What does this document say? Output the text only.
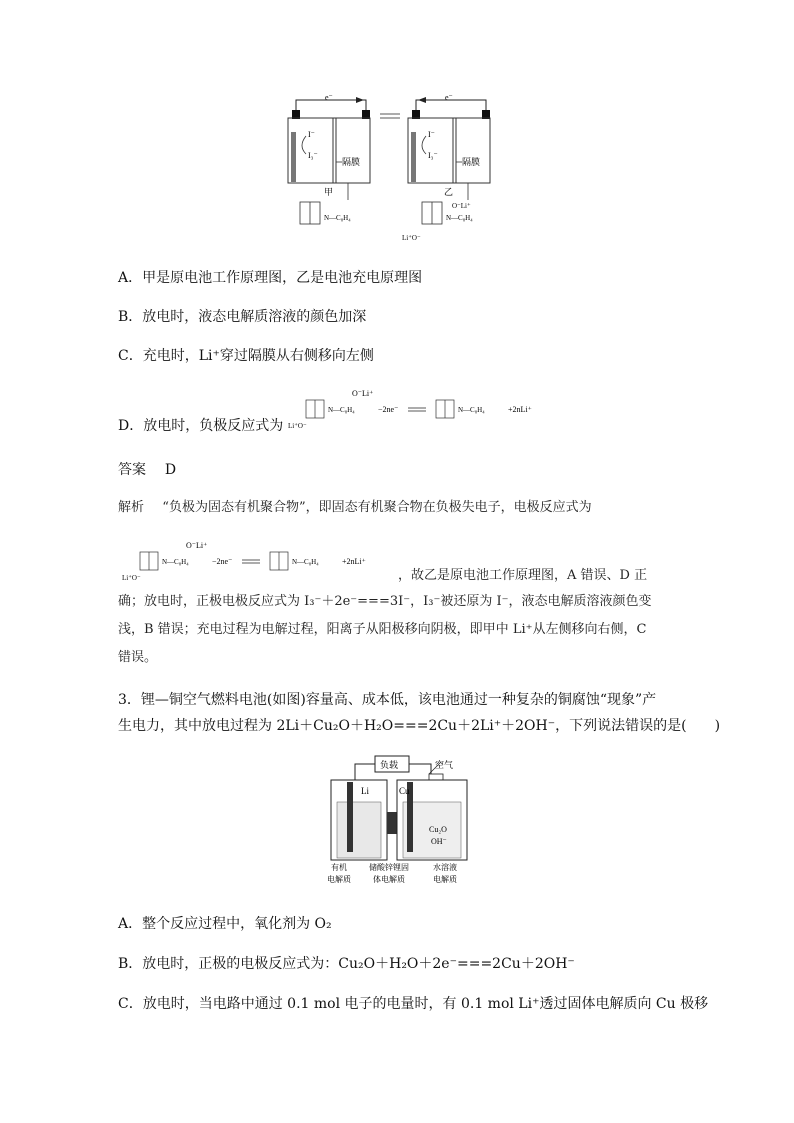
e⁻
I⁻
I₃⁻
隔膜
甲
N—C₈H₄
e⁻
I⁻
I₃⁻
隔膜
乙
O⁻Li⁺
N—C₈H₄
Li⁺O⁻
A．甲是原电池工作原理图，乙是电池充电原理图
B．放电时，液态电解质溶液的颜色加深
C．充电时，Li⁺穿过隔膜从右侧移向左侧
D．放电时，负极反应式为
O⁻Li⁺
N—C₈H₄
Li⁺O⁻
−2ne⁻	N—C₈H₄	+2nLi⁺
答案 D
解析 “负极为固态有机聚合物”，即固态有机聚合物在负极失电子，电极反应式为
O⁻Li⁺
N—C₈H₄
Li⁺O⁻
−2ne⁻	N—C₈H₄	+2nLi⁺
，故乙是原电池工作原理图，A 错误、D 正
确；放电时，正极电极反应式为 I₃⁻＋2e⁻===3I⁻，I₃⁻被还原为 I⁻，液态电解质溶液颜色变
浅，B 错误；充电过程为电解过程，阳离子从阳极移向阴极，即甲中 Li⁺从左侧移向右侧，C
错误。
3．锂—铜空气燃料电池(如图)容量高、成本低，该电池通过一种复杂的铜腐蚀“现象”产
生电力，其中放电过程为 2Li＋Cu₂O＋H₂O===2Cu＋2Li⁺＋2OH⁻，下列说法错误的是(　　)
负载	空气
Li	Cu
Cu₂O
OH⁻
有机
电解质
储酸锌锂固
体电解质
水溶液
电解质
A．整个反应过程中，氧化剂为 O₂
B．放电时，正极的电极反应式为：Cu₂O＋H₂O＋2e⁻===2Cu＋2OH⁻
C．放电时，当电路中通过 0.1 mol 电子的电量时，有 0.1 mol Li⁺透过固体电解质向 Cu 极移
